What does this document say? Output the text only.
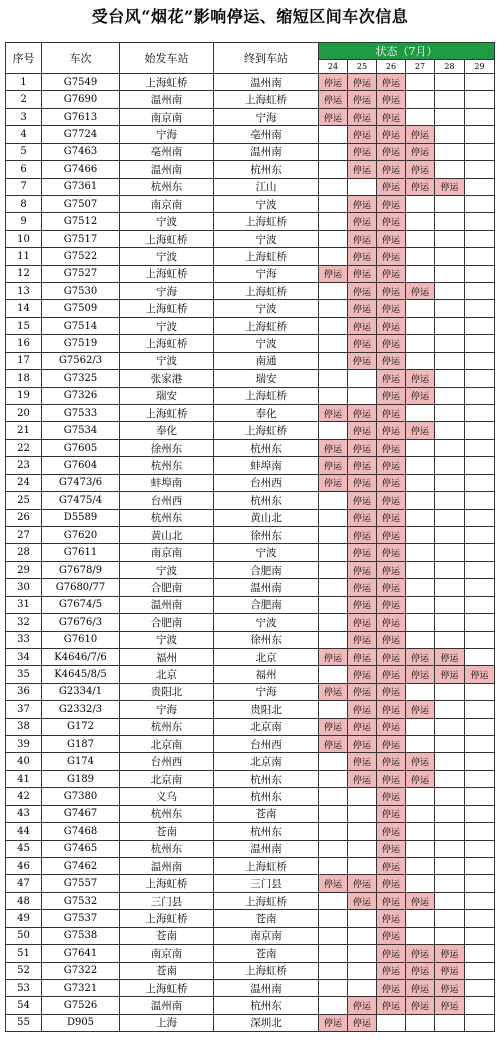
受台风“烟花”影响停运、缩短区间车次信息
序号	车次	始发车站	终到车站	状态（7月）					
				24	25	26	27	28	29
1	G7549	上海虹桥	温州南	停运	停运	停运			
2	G7690	温州南	上海虹桥	停运	停运	停运			
3	G7613	南京南	宁海	停运	停运	停运			
4	G7724	宁海	亳州南		停运	停运	停运		
5	G7463	亳州南	温州南		停运	停运	停运		
6	G7466	温州南	杭州东		停运	停运	停运		
7	G7361	杭州东	江山			停运	停运	停运	
8	G7507	南京南	宁波		停运	停运			
9	G7512	宁波	上海虹桥		停运	停运			
10	G7517	上海虹桥	宁波		停运	停运			
11	G7522	宁波	上海虹桥		停运	停运			
12	G7527	上海虹桥	宁海	停运	停运	停运			
13	G7530	宁海	上海虹桥		停运	停运	停运		
14	G7509	上海虹桥	宁波		停运	停运			
15	G7514	宁波	上海虹桥		停运	停运			
16	G7519	上海虹桥	宁波		停运	停运			
17	G7562/3	宁波	南通		停运	停运			
18	G7325	张家港	瑞安			停运	停运		
19	G7326	瑞安	上海虹桥			停运	停运		
20	G7533	上海虹桥	奉化	停运	停运	停运			
21	G7534	奉化	上海虹桥		停运	停运	停运		
22	G7605	徐州东	杭州东	停运	停运	停运			
23	G7604	杭州东	蚌埠南	停运	停运	停运			
24	G7473/6	蚌埠南	台州西	停运	停运	停运			
25	G7475/4	台州西	杭州东		停运	停运			
26	D5589	杭州东	黄山北		停运	停运			
27	G7620	黄山北	徐州东		停运	停运			
28	G7611	南京南	宁波		停运	停运			
29	G7678/9	宁波	合肥南		停运	停运			
30	G7680/77	合肥南	温州南		停运	停运			
31	G7674/5	温州南	合肥南		停运	停运			
32	G7676/3	合肥南	宁波		停运	停运			
33	G7610	宁波	徐州东		停运	停运			
34	K4646/7/6	福州	北京	停运	停运	停运	停运	停运	
35	K4645/8/5	北京	福州		停运	停运	停运	停运	停运
36	G2334/1	贵阳北	宁海	停运	停运	停运			
37	G2332/3	宁海	贵阳北		停运	停运	停运		
38	G172	杭州东	北京南	停运	停运	停运			
39	G187	北京南	台州西	停运	停运	停运			
40	G174	台州西	北京南		停运	停运	停运		
41	G189	北京南	杭州东		停运	停运	停运		
42	G7380	义乌	杭州东			停运			
43	G7467	杭州东	苍南			停运			
44	G7468	苍南	杭州东			停运			
45	G7465	杭州东	温州南			停运			
46	G7462	温州南	上海虹桥			停运			
47	G7557	上海虹桥	三门县	停运	停运	停运			
48	G7532	三门县	上海虹桥		停运	停运	停运		
49	G7537	上海虹桥	苍南			停运			
50	G7538	苍南	南京南			停运			
51	G7641	南京南	苍南			停运	停运	停运	
52	G7322	苍南	上海虹桥			停运	停运	停运	
53	G7321	上海虹桥	温州南			停运	停运	停运	
54	G7526	温州南	杭州东		停运	停运	停运	停运	
55	D905	上海	深圳北	停运	停运				
